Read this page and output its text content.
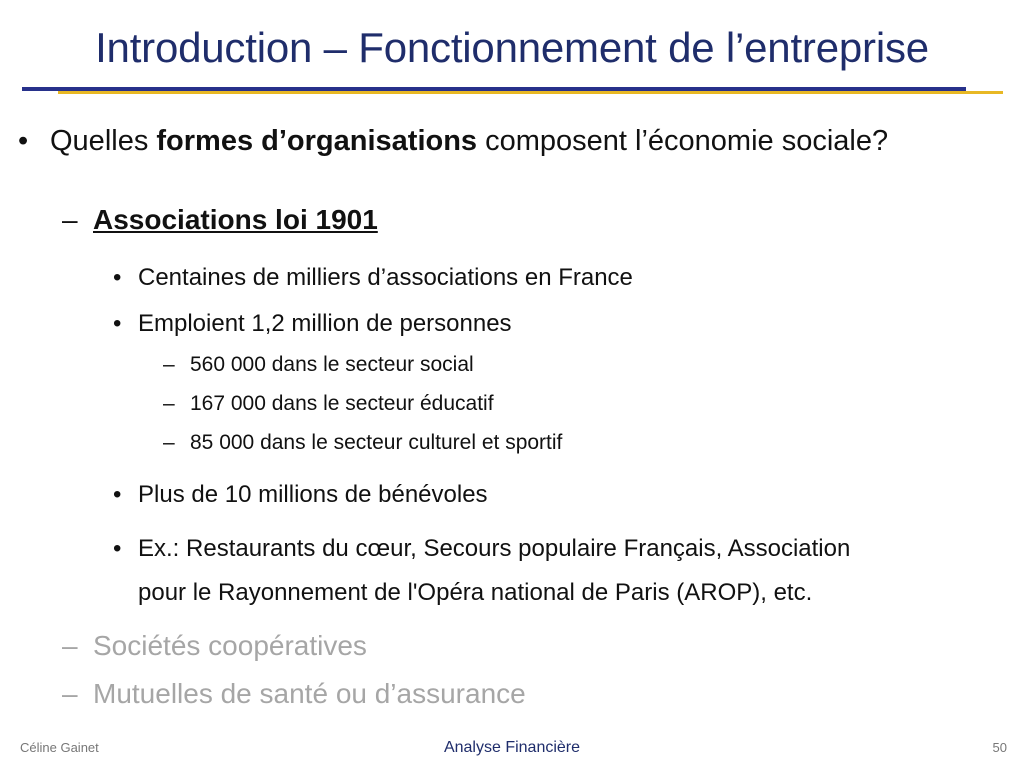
Introduction – Fonctionnement de l’entreprise
• Quelles formes d’organisations composent l’économie sociale?
– Associations loi 1901
• Centaines de milliers d’associations en France
• Emploient 1,2 million de personnes
– 560 000 dans le secteur social
– 167 000 dans le secteur éducatif
– 85 000 dans le secteur culturel et sportif
• Plus de 10 millions de bénévoles
• Ex.: Restaurants du cœur, Secours populaire Français, Association
pour le Rayonnement de l'Opéra national de Paris (AROP), etc.
– Sociétés coopératives
– Mutuelles de santé ou d’assurance
Céline Gainet	Analyse Financière	50
